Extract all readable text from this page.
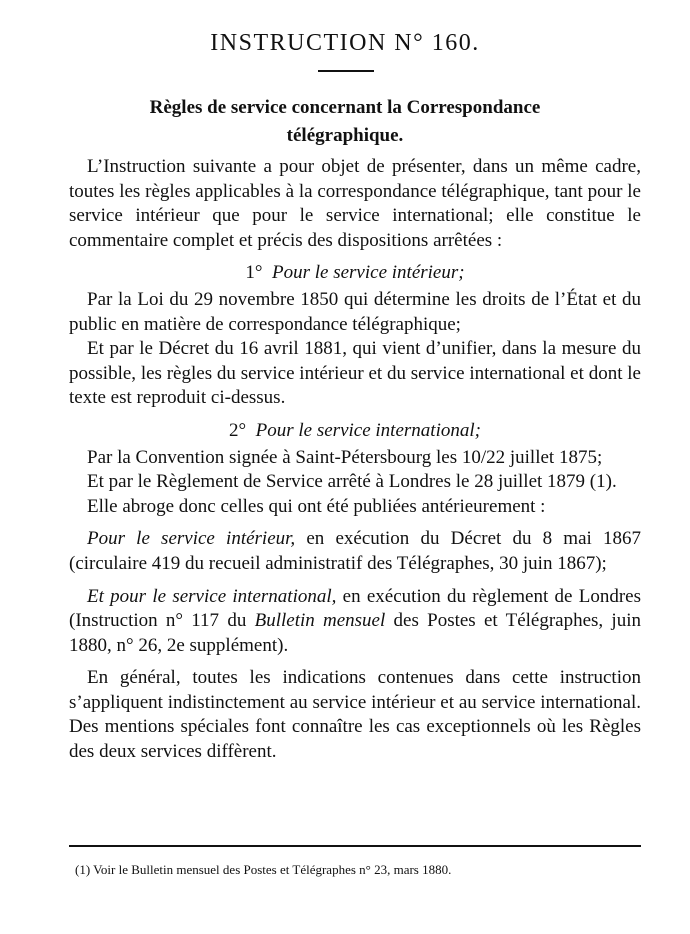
INSTRUCTION N° 160.
Règles de service concernant la Correspondance
télégraphique.

L’Instruction suivante a pour objet de présenter, dans un même cadre, toutes les règles applicables à la correspondance télégraphique, tant pour le service intérieur que pour le service international; elle constitue le commentaire complet et précis des dispositions arrêtées :

1° Pour le service intérieur;

Par la Loi du 29 novembre 1850 qui détermine les droits de l’État et du public en matière de correspondance télégraphique;

Et par le Décret du 16 avril 1881, qui vient d’unifier, dans la mesure du possible, les règles du service intérieur et du service international et dont le texte est reproduit ci-dessus.

2° Pour le service international;

Par la Convention signée à Saint-Pétersbourg les 10/22 juillet 1875;

Et par le Règlement de Service arrêté à Londres le 28 juillet 1879 (1).

Elle abroge donc celles qui ont été publiées antérieurement :

Pour le service intérieur, en exécution du Décret du 8 mai 1867 (circulaire 419 du recueil administratif des Télégraphes, 30 juin 1867);

Et pour le service international, en exécution du règlement de Londres (Instruction n° 117 du Bulletin mensuel des Postes et Télégraphes, juin 1880, n° 26, 2e supplément).

En général, toutes les indications contenues dans cette instruction s’appliquent indistinctement au service intérieur et au service international. Des mentions spéciales font connaître les cas exceptionnels où les Règles des deux services diffèrent.

(1) Voir le Bulletin mensuel des Postes et Télégraphes n° 23, mars 1880.
